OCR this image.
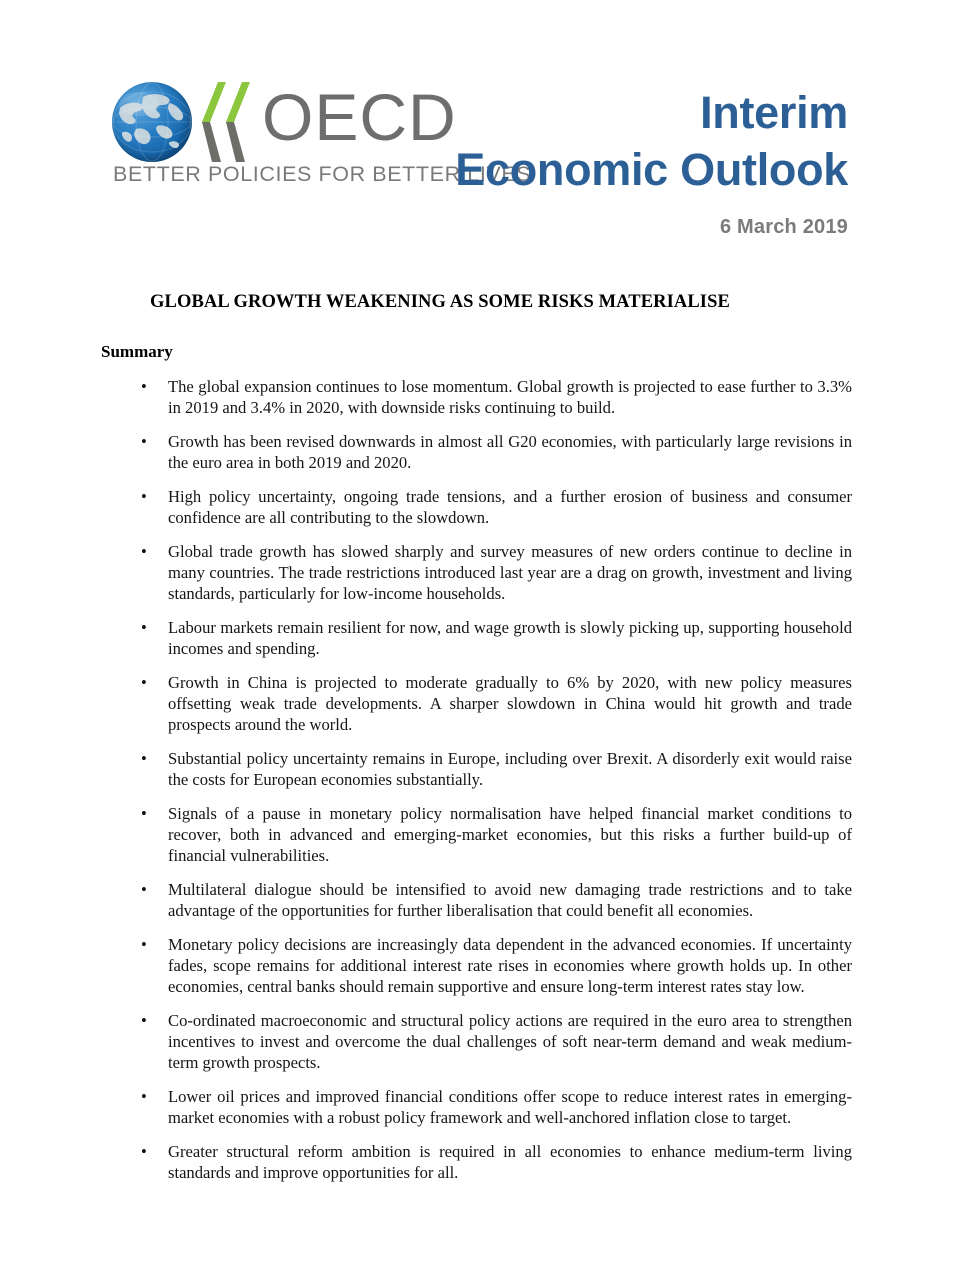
OECD
BETTER POLICIES FOR BETTER LIVES
Interim
Economic Outlook
6 March 2019
GLOBAL GROWTH WEAKENING AS SOME RISKS MATERIALISE
Summary
• The global expansion continues to lose momentum. Global growth is projected to ease further to 3.3% in 2019 and 3.4% in 2020, with downside risks continuing to build.
• Growth has been revised downwards in almost all G20 economies, with particularly large revisions in the euro area in both 2019 and 2020.
• High policy uncertainty, ongoing trade tensions, and a further erosion of business and consumer confidence are all contributing to the slowdown.
• Global trade growth has slowed sharply and survey measures of new orders continue to decline in many countries. The trade restrictions introduced last year are a drag on growth, investment and living standards, particularly for low-income households.
• Labour markets remain resilient for now, and wage growth is slowly picking up, supporting household incomes and spending.
• Growth in China is projected to moderate gradually to 6% by 2020, with new policy measures offsetting weak trade developments. A sharper slowdown in China would hit growth and trade prospects around the world.
• Substantial policy uncertainty remains in Europe, including over Brexit. A disorderly exit would raise the costs for European economies substantially.
• Signals of a pause in monetary policy normalisation have helped financial market conditions to recover, both in advanced and emerging-market economies, but this risks a further build-up of financial vulnerabilities.
• Multilateral dialogue should be intensified to avoid new damaging trade restrictions and to take advantage of the opportunities for further liberalisation that could benefit all economies.
• Monetary policy decisions are increasingly data dependent in the advanced economies. If uncertainty fades, scope remains for additional interest rate rises in economies where growth holds up. In other economies, central banks should remain supportive and ensure long-term interest rates stay low.
• Co-ordinated macroeconomic and structural policy actions are required in the euro area to strengthen incentives to invest and overcome the dual challenges of soft near-term demand and weak medium-term growth prospects.
• Lower oil prices and improved financial conditions offer scope to reduce interest rates in emerging-market economies with a robust policy framework and well-anchored inflation close to target.
• Greater structural reform ambition is required in all economies to enhance medium-term living standards and improve opportunities for all.
